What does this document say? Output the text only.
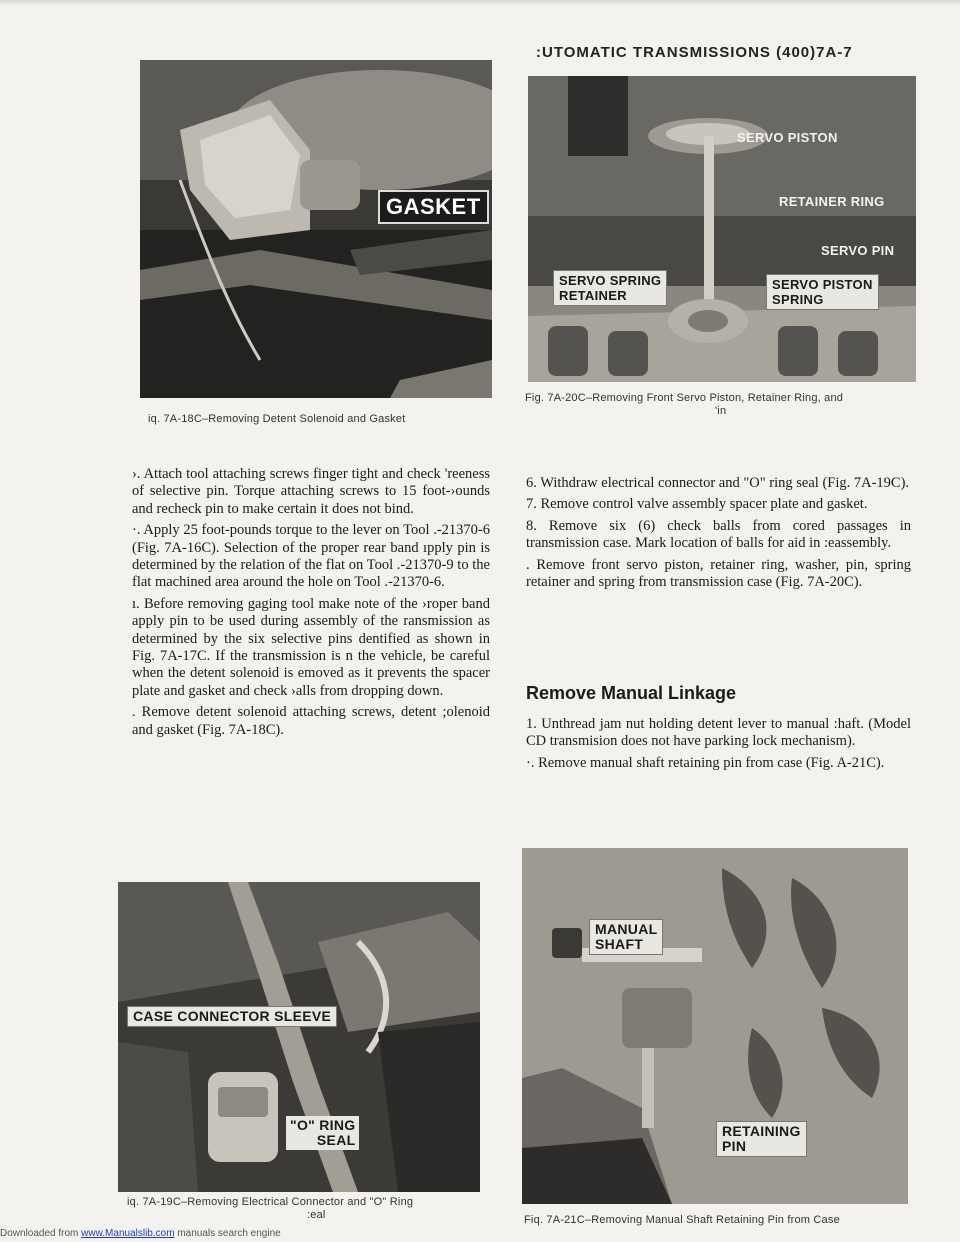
:UTOMATIC TRANSMISSIONS (400)7A-7
GASKET
iq. 7A-18C–Removing Detent Solenoid and Gasket
SERVO PISTON
RETAINER RING
SERVO PIN
SERVO SPRING
RETAINER
SERVO PISTON
SPRING
Fig. 7A-20C–Removing Front Servo Piston, Retainer Ring, and
'in

›. Attach tool attaching screws finger tight and check 'reeness of selective pin. Torque attaching screws to 15 foot-›ounds and recheck pin to make certain it does not bind.

·. Apply 25 foot-pounds torque to the lever on Tool .-21370-6 (Fig. 7A-16C). Selection of the proper rear band ıpply pin is determined by the relation of the flat on Tool .-21370-9 to the flat machined area around the hole on Tool .-21370-6.

ı. Before removing gaging tool make note of the ›roper band apply pin to be used during assembly of the ransmission as determined by the six selective pins dentified as shown in Fig. 7A-17C. If the transmission is n the vehicle, be careful when the detent solenoid is emoved as it prevents the spacer plate and gasket and check ›alls from dropping down.

. Remove detent solenoid attaching screws, detent ;olenoid and gasket (Fig. 7A-18C).

6. Withdraw electrical connector and "O" ring seal (Fig. 7A-19C).

7. Remove control valve assembly spacer plate and gasket.

8. Remove six (6) check balls from cored passages in transmission case. Mark location of balls for aid in :eassembly.

. Remove front servo piston, retainer ring, washer, pin, spring retainer and spring from transmission case (Fig. 7A-20C).

Remove Manual Linkage

1. Unthread jam nut holding detent lever to manual :haft. (Model CD transmision does not have parking lock mechanism).

·. Remove manual shaft retaining pin from case (Fig. A-21C).

CASE CONNECTOR SLEEVE
"O" RING
SEAL
iq. 7A-19C–Removing Electrical Connector and "O" Ring
:eal
MANUAL
SHAFT
RETAINING
PIN
Fiq. 7A-21C–Removing Manual Shaft Retaining Pin from Case
Downloaded from www.Manualslib.com manuals search engine
